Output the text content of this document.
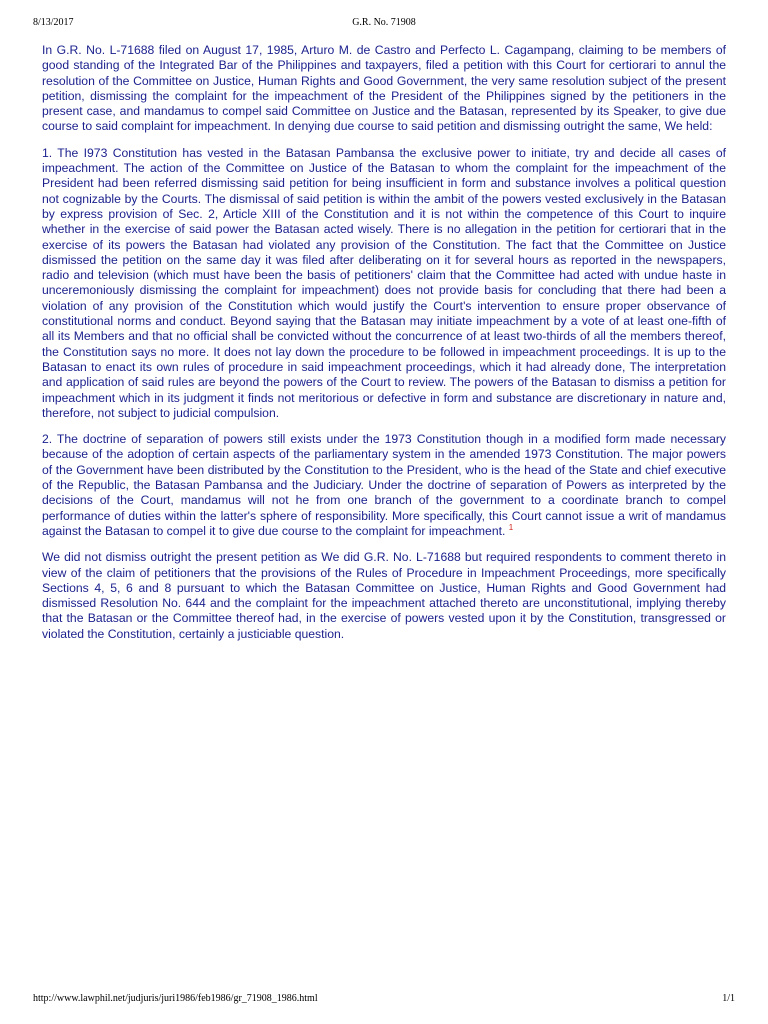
8/13/2017	G.R. No. 71908

In G.R. No. L-71688 filed on August 17, 1985, Arturo M. de Castro and Perfecto L. Cagampang, claiming to be members of good standing of the Integrated Bar of the Philippines and taxpayers, filed a petition with this Court for certiorari to annul the resolution of the Committee on Justice, Human Rights and Good Government, the very same resolution subject of the present petition, dismissing the complaint for the impeachment of the President of the Philippines signed by the petitioners in the present case, and mandamus to compel said Committee on Justice and the Batasan, represented by its Speaker, to give due course to said complaint for impeachment. In denying due course to said petition and dismissing outright the same, We held:

1. The I973 Constitution has vested in the Batasan Pambansa the exclusive power to initiate, try and decide all cases of impeachment. The action of the Committee on Justice of the Batasan to whom the complaint for the impeachment of the President had been referred dismissing said petition for being insufficient in form and substance involves a political question not cognizable by the Courts. The dismissal of said petition is within the ambit of the powers vested exclusively in the Batasan by express provision of Sec. 2, Article XIII of the Constitution and it is not within the competence of this Court to inquire whether in the exercise of said power the Batasan acted wisely. There is no allegation in the petition for certiorari that in the exercise of its powers the Batasan had violated any provision of the Constitution. The fact that the Committee on Justice dismissed the petition on the same day it was filed after deliberating on it for several hours as reported in the newspapers, radio and television (which must have been the basis of petitioners' claim that the Committee had acted with undue haste in unceremoniously dismissing the complaint for impeachment) does not provide basis for concluding that there had been a violation of any provision of the Constitution which would justify the Court's intervention to ensure proper observance of constitutional norms and conduct. Beyond saying that the Batasan may initiate impeachment by a vote of at least one-fifth of all its Members and that no official shall be convicted without the concurrence of at least two-thirds of all the members thereof, the Constitution says no more. It does not lay down the procedure to be followed in impeachment proceedings. It is up to the Batasan to enact its own rules of procedure in said impeachment proceedings, which it had already done, The interpretation and application of said rules are beyond the powers of the Court to review. The powers of the Batasan to dismiss a petition for impeachment which in its judgment it finds not meritorious or defective in form and substance are discretionary in nature and, therefore, not subject to judicial compulsion.

2. The doctrine of separation of powers still exists under the 1973 Constitution though in a modified form made necessary because of the adoption of certain aspects of the parliamentary system in the amended 1973 Constitution. The major powers of the Government have been distributed by the Constitution to the President, who is the head of the State and chief executive of the Republic, the Batasan Pambansa and the Judiciary. Under the doctrine of separation of Powers as interpreted by the decisions of the Court, mandamus will not he from one branch of the government to a coordinate branch to compel performance of duties within the latter's sphere of responsibility. More specifically, this Court cannot issue a writ of mandamus against the Batasan to compel it to give due course to the complaint for impeachment. $^1$

We did not dismiss outright the present petition as We did G.R. No. L-71688 but required respondents to comment thereto in view of the claim of petitioners that the provisions of the Rules of Procedure in Impeachment Proceedings, more specifically Sections 4, 5, 6 and 8 pursuant to which the Batasan Committee on Justice, Human Rights and Good Government had dismissed Resolution No. 644 and the complaint for the impeachment attached thereto are unconstitutional, implying thereby that the Batasan or the Committee thereof had, in the exercise of powers vested upon it by the Constitution, transgressed or violated the Constitution, certainly a justiciable question.

http://www.lawphil.net/judjuris/juri1986/feb1986/gr_71908_1986.html	1/1
